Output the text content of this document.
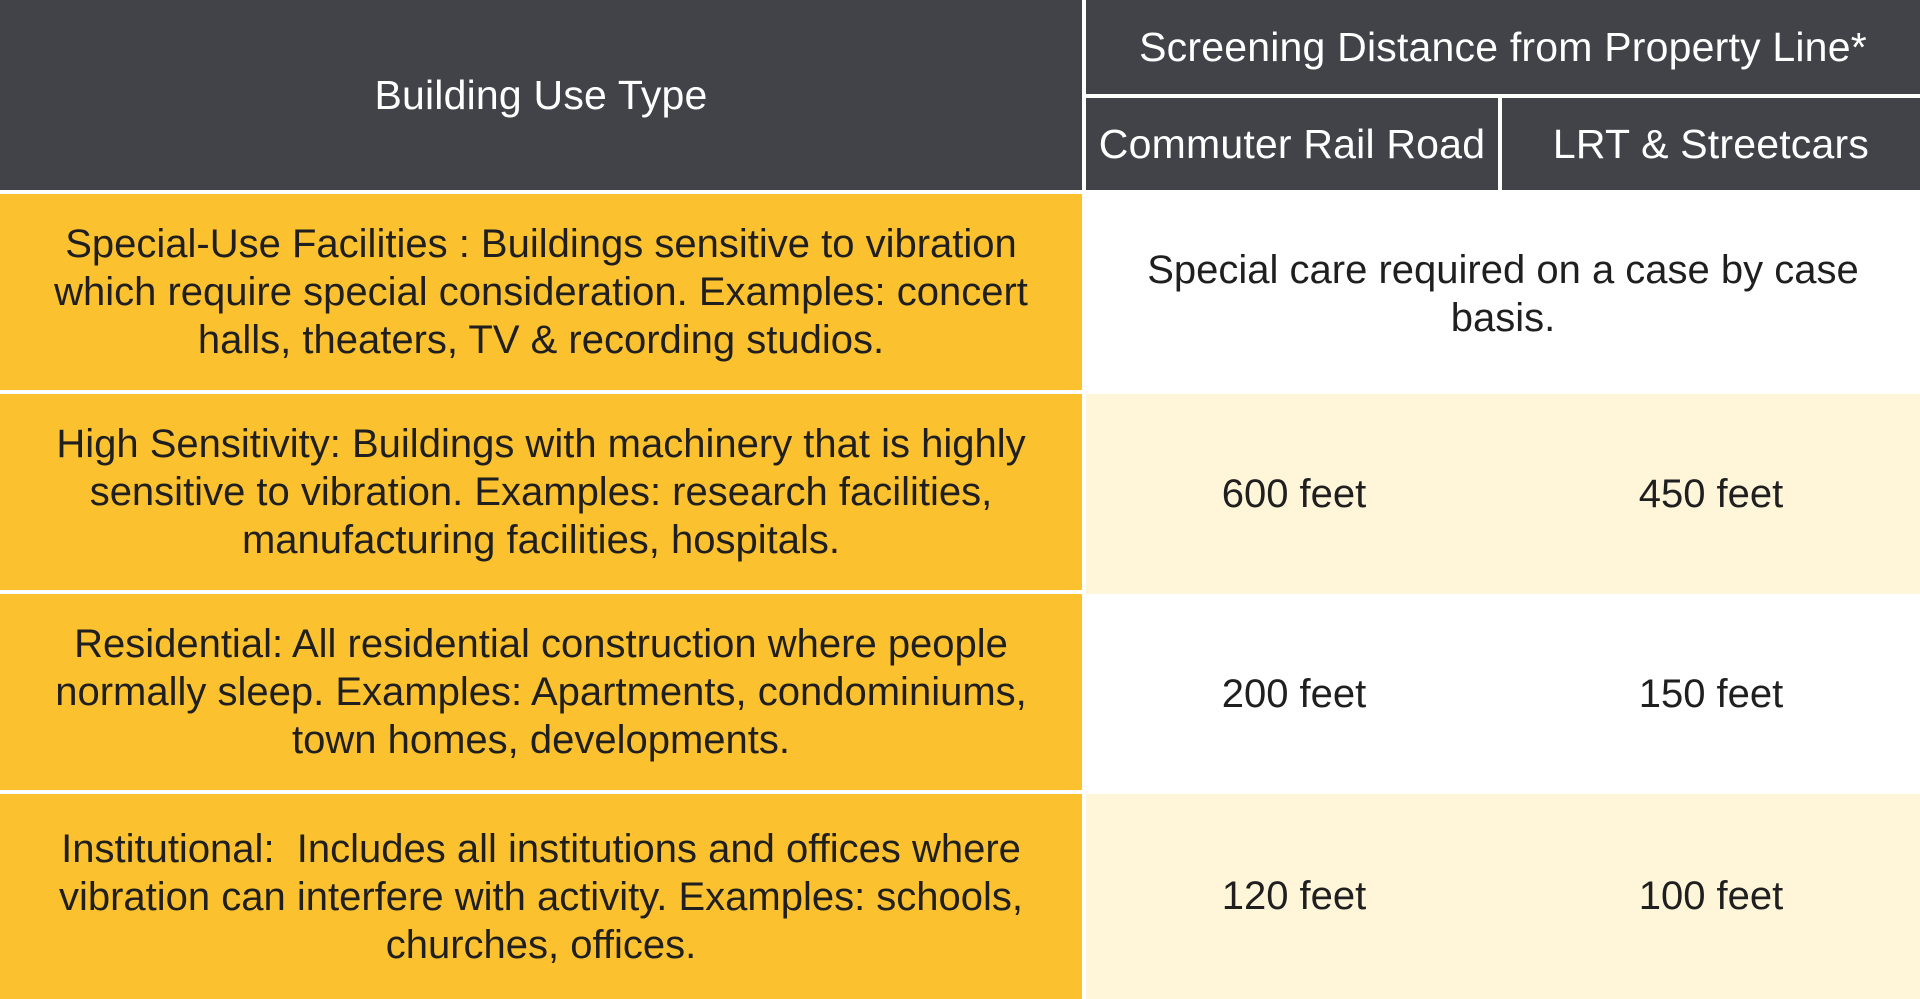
Building Use Type
Screening Distance from Property Line*
Commuter Rail Road	LRT & Streetcars
Special-Use Facilities : Buildings sensitive to vibration which require special consideration. Examples: concert halls, theaters, TV & recording studios.
Special care required on a case by case basis.
High Sensitivity: Buildings with machinery that is highly sensitive to vibration. Examples: research facilities, manufacturing facilities, hospitals.
600 feet	450 feet
Residential: All residential construction where people normally sleep. Examples: Apartments, condominiums, town homes, developments.
200 feet	150 feet
Institutional:  Includes all institutions and offices where vibration can interfere with activity. Examples: schools, churches, offices.
120 feet	100 feet
